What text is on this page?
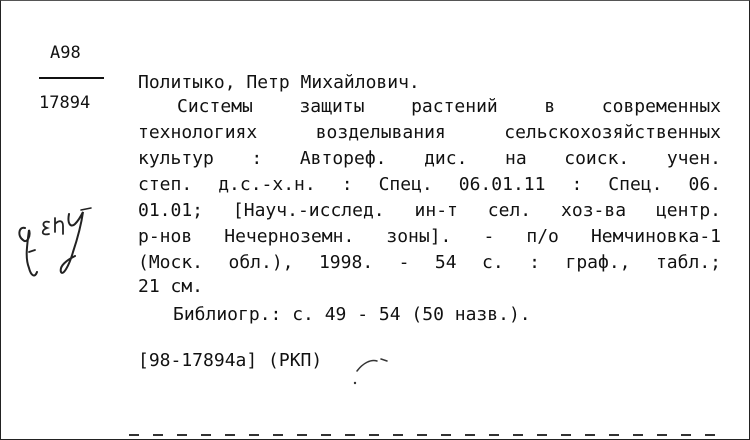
А98
17894
Политыко, Петр Михайлович.
Системы защиты растений в современных
технологиях возделывания сельскохозяйственных
культур : Автореф. дис. на соиск. учен.
степ. д.с.-х.н. : Спец. 06.01.11 : Спец. 06.
01.01; [Науч.-исслед. ин-т сел. хоз-ва центр.
р-нов Нечерноземн. зоны]. - п/о Немчиновка-1
(Моск. обл.), 1998. - 54 с. : граф., табл.;
21 см.
Библиогр.: с. 49 - 54 (50 назв.).
[98-17894а] (РКП)
